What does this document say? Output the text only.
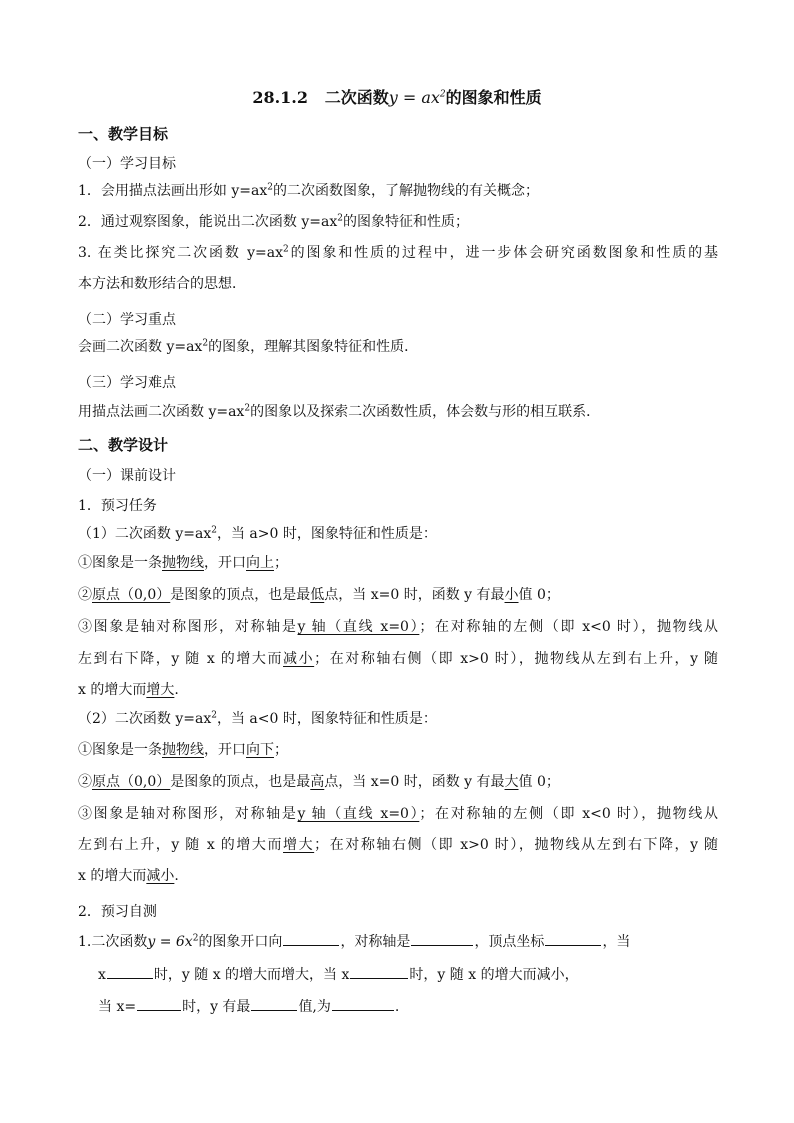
28.1.2 二次函数$y = ax^2$的图象和性质
一、教学目标
（一）学习目标
1．会用描点法画出形如 $y=ax^2$的二次函数图象，了解抛物线的有关概念；
2．通过观察图象，能说出二次函数 $y=ax^2$的图象特征和性质；
3. 在类比探究二次函数 $y=ax^2$的图象和性质的过程中，进一步体会研究函数图象和性质的基
本方法和数形结合的思想．
（二）学习重点
会画二次函数 $y=ax^2$的图象，理解其图象特征和性质．
（三）学习难点
用描点法画二次函数 $y=ax^2$的图象以及探索二次函数性质，体会数与形的相互联系．
二、教学设计
（一）课前设计
1．预习任务
（1）二次函数 $y=ax^2$，当 a>0 时，图象特征和性质是：
①图象是一条抛物线，开口向上；
②原点（0,0）是图象的顶点，也是最低点，当 x=0 时，函数 y 有最小值 0；
③图象是轴对称图形，对称轴是y 轴（直线 x=0）；在对称轴的左侧（即 x<0 时），抛物线从
左到右下降，y 随 x 的增大而减小；在对称轴右侧（即 x>0 时），抛物线从左到右上升，y 随
x 的增大而增大.
（2）二次函数 $y=ax^2$，当 a<0 时，图象特征和性质是：
①图象是一条抛物线，开口向下；
②原点（0,0）是图象的顶点，也是最高点，当 x=0 时，函数 y 有最大值 0；
③图象是轴对称图形，对称轴是y 轴（直线 x=0）；在对称轴的左侧（即 x<0 时），抛物线从
左到右上升，y 随 x 的增大而增大；在对称轴右侧（即 x>0 时），抛物线从左到右下降，y 随
x 的增大而减小.
2．预习自测
1.二次函数$y = 6x^2$的图象开口向	，对称轴是	，顶点坐标	，当
x	时，y 随 x 的增大而增大，当 x	时，y 随 x 的增大而减小，
当 x=	时，y 有最	值,为	.
